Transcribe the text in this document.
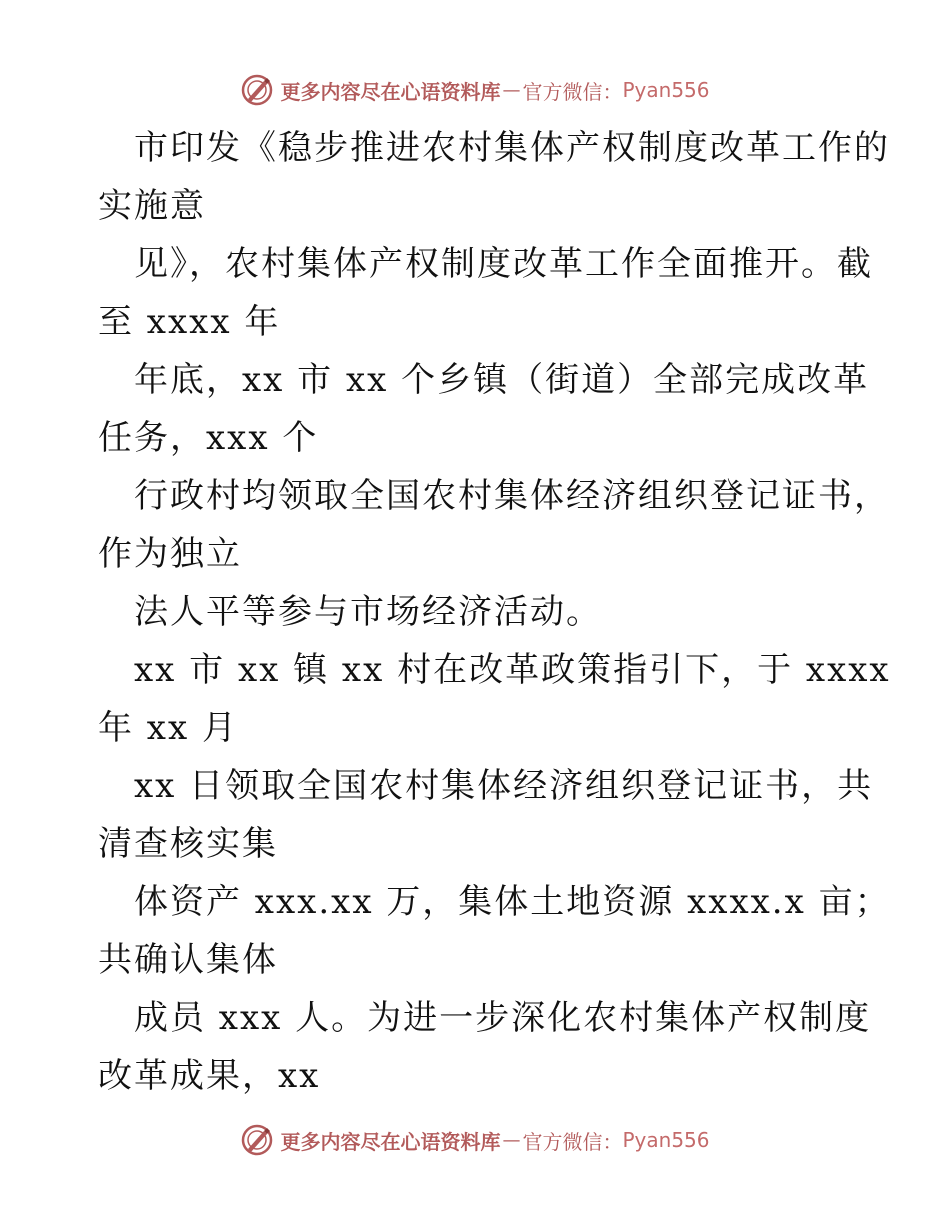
更多内容尽在心语资料库 — 官方微信： Pyan556
市印发《稳步推进农村集体产权制度改革工作的
实施意
见》，农村集体产权制度改革工作全面推开。截
至 xxxx 年
年底，xx 市 xx 个乡镇（街道）全部完成改革
任务，xxx 个
行政村均领取全国农村集体经济组织登记证书，
作为独立
法人平等参与市场经济活动。
xx 市 xx 镇 xx 村在改革政策指引下，于 xxxx
年 xx 月
xx 日领取全国农村集体经济组织登记证书，共
清查核实集
体资产 xxx.xx 万，集体土地资源 xxxx.x 亩；
共确认集体
成员 xxx 人。为进一步深化农村集体产权制度
改革成果，xx
更多内容尽在心语资料库 — 官方微信： Pyan556
